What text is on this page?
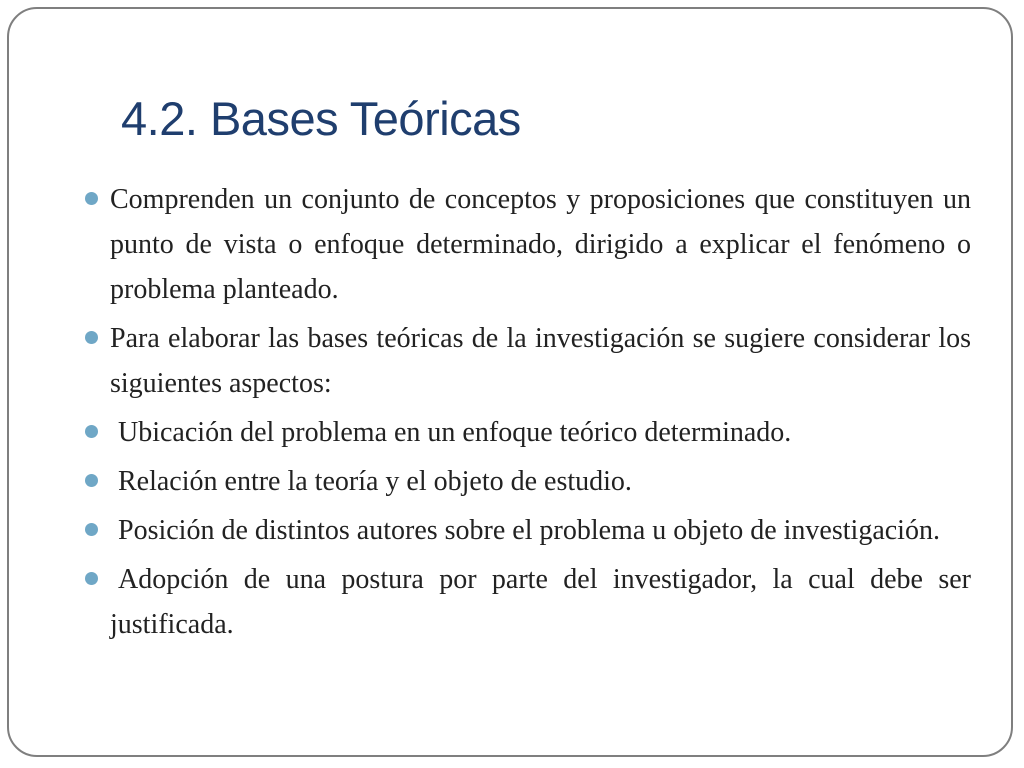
4.2. Bases Teóricas
Comprenden un conjunto de conceptos y proposiciones que constituyen un punto de vista o enfoque determinado, dirigido a explicar el fenómeno o problema planteado.
Para elaborar las bases teóricas de la investigación se sugiere considerar los siguientes aspectos:
Ubicación del problema en un enfoque teórico determinado.
Relación entre la teoría y el objeto de estudio.
Posición de distintos autores sobre el problema u objeto de investigación.
Adopción de una postura por parte del investigador, la cual debe ser justificada.
